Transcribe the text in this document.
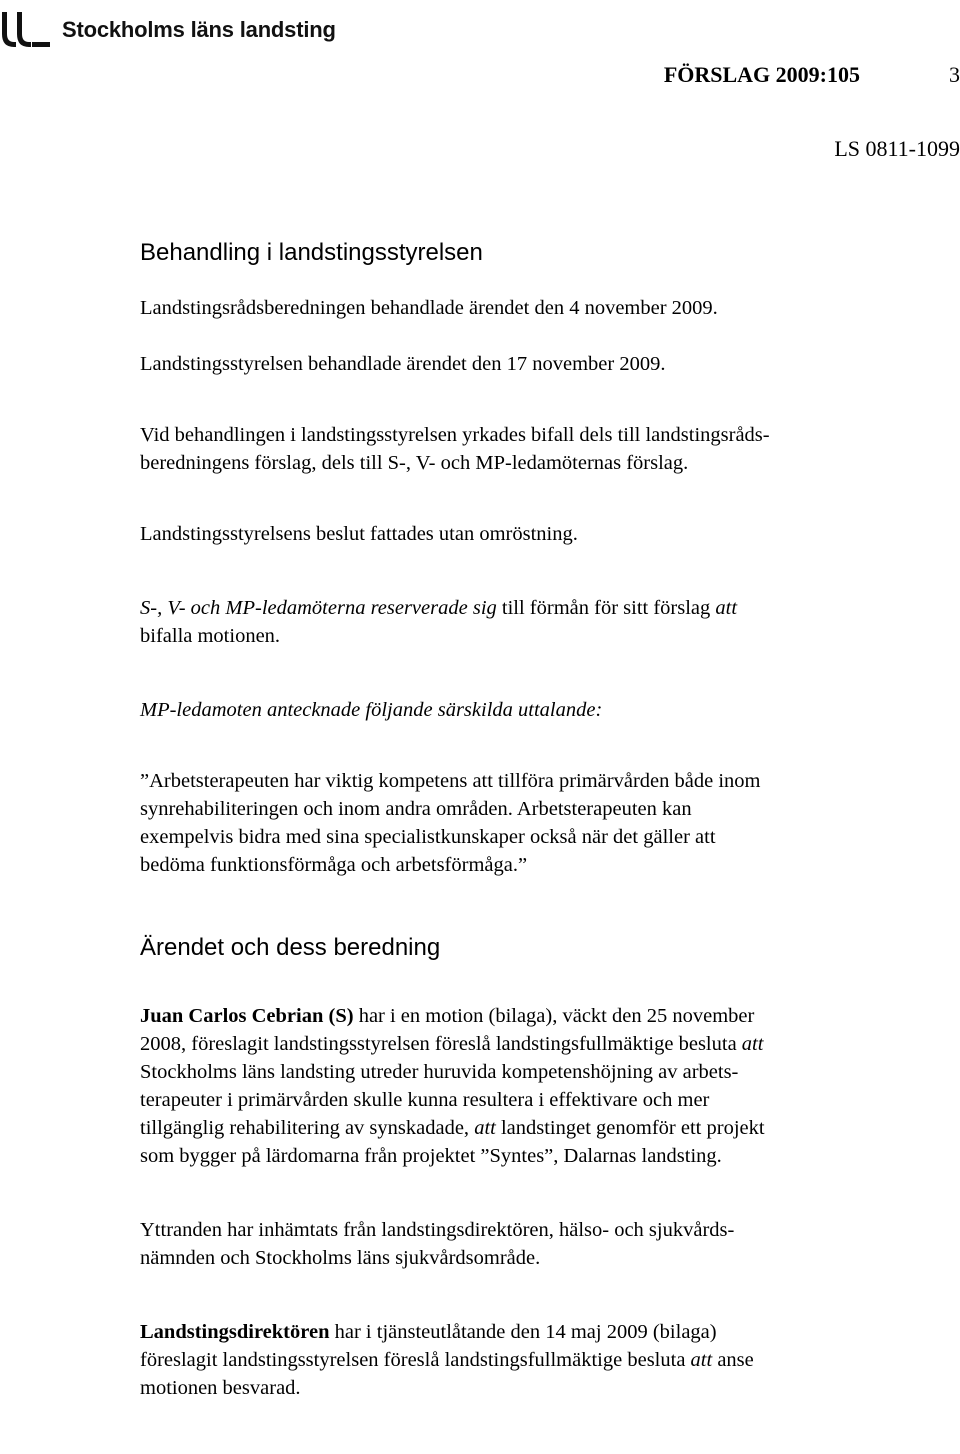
Stockholms läns landsting
FÖRSLAG 2009:105	3
LS 0811-1099
Behandling i landstingsstyrelsen

Landstingsrådsberedningen behandlade ärendet den 4 november 2009.

Landstingsstyrelsen behandlade ärendet den 17 november 2009.

Vid behandlingen i landstingsstyrelsen yrkades bifall dels till landstingsråds-
beredningens förslag, dels till S-, V- och MP-ledamöternas förslag.

Landstingsstyrelsens beslut fattades utan omröstning.

S-, V- och MP-ledamöterna reserverade sig till förmån för sitt förslag att
bifalla motionen.

MP-ledamoten antecknade följande särskilda uttalande:

”Arbetsterapeuten har viktig kompetens att tillföra primärvården både inom
synrehabiliteringen och inom andra områden. Arbetsterapeuten kan
exempelvis bidra med sina specialistkunskaper också när det gäller att
bedöma funktionsförmåga och arbetsförmåga.”

Ärendet och dess beredning

Juan Carlos Cebrian (S) har i en motion (bilaga), väckt den 25 november
2008, föreslagit landstingsstyrelsen föreslå landstingsfullmäktige besluta att
Stockholms läns landsting utreder huruvida kompetenshöjning av arbets-
terapeuter i primärvården skulle kunna resultera i effektivare och mer
tillgänglig rehabilitering av synskadade, att landstinget genomför ett projekt
som bygger på lärdomarna från projektet ”Syntes”, Dalarnas landsting.

Yttranden har inhämtats från landstingsdirektören, hälso- och sjukvårds-
nämnden och Stockholms läns sjukvårdsområde.

Landstingsdirektören har i tjänsteutlåtande den 14 maj 2009 (bilaga)
föreslagit landstingsstyrelsen föreslå landstingsfullmäktige besluta att anse
motionen besvarad.
